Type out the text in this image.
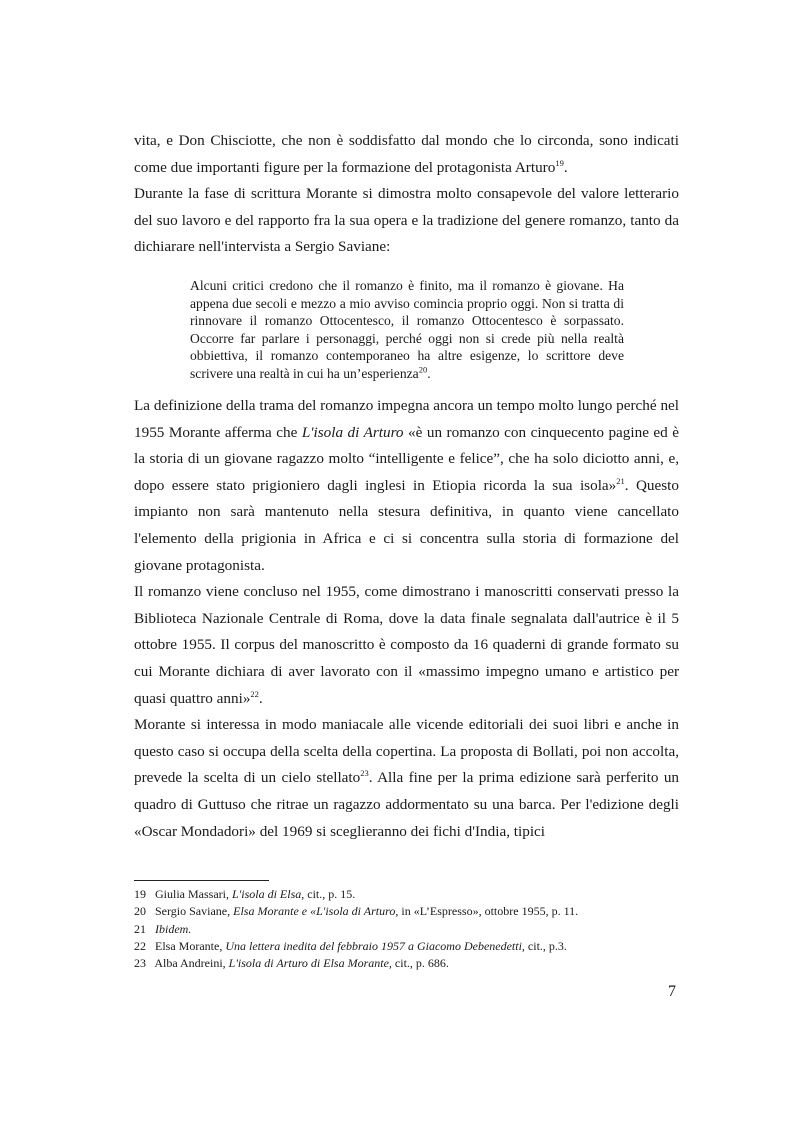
vita, e Don Chisciotte, che non è soddisfatto dal mondo che lo circonda, sono indicati come due importanti figure per la formazione del protagonista Arturo$^{19}$.

Durante la fase di scrittura Morante si dimostra molto consapevole del valore letterario del suo lavoro e del rapporto fra la sua opera e la tradizione del genere romanzo, tanto da dichiarare nell'intervista a Sergio Saviane:

Alcuni critici credono che il romanzo è finito, ma il romanzo è giovane. Ha appena due secoli e mezzo a mio avviso comincia proprio oggi. Non si tratta di rinnovare il romanzo Ottocentesco, il romanzo Ottocentesco è sorpassato. Occorre far parlare i personaggi, perché oggi non si crede più nella realtà obbiettiva, il romanzo contemporaneo ha altre esigenze, lo scrittore deve scrivere una realtà in cui ha un’esperienza$^{20}$.

La definizione della trama del romanzo impegna ancora un tempo molto lungo perché nel 1955 Morante afferma che L'isola di Arturo «è un romanzo con cinquecento pagine ed è la storia di un giovane ragazzo molto “intelligente e felice”, che ha solo diciotto anni, e, dopo essere stato prigioniero dagli inglesi in Etiopia ricorda la sua isola»$^{21}$. Questo impianto non sarà mantenuto nella stesura definitiva, in quanto viene cancellato l'elemento della prigionia in Africa e ci si concentra sulla storia di formazione del giovane protagonista.

Il romanzo viene concluso nel 1955, come dimostrano i manoscritti conservati presso la Biblioteca Nazionale Centrale di Roma, dove la data finale segnalata dall'autrice è il 5 ottobre 1955. Il corpus del manoscritto è composto da 16 quaderni di grande formato su cui Morante dichiara di aver lavorato con il «massimo impegno umano e artistico per quasi quattro anni»$^{22}$.

Morante si interessa in modo maniacale alle vicende editoriali dei suoi libri e anche in questo caso si occupa della scelta della copertina. La proposta di Bollati, poi non accolta, prevede la scelta di un cielo stellato$^{23}$. Alla fine per la prima edizione sarà perferito un quadro di Guttuso che ritrae un ragazzo addormentato su una barca. Per l'edizione degli «Oscar Mondadori» del 1969 si sceglieranno dei fichi d'India, tipici

19 Giulia Massari, L'isola di Elsa, cit., p. 15.
20 Sergio Saviane, Elsa Morante e «L'isola di Arturo, in «L’Espresso», ottobre 1955, p. 11.
21 Ibidem.
22 Elsa Morante, Una lettera inedita del febbraio 1957 a Giacomo Debenedetti, cit., p.3.
23 Alba Andreini, L'isola di Arturo di Elsa Morante, cit., p. 686.
7
